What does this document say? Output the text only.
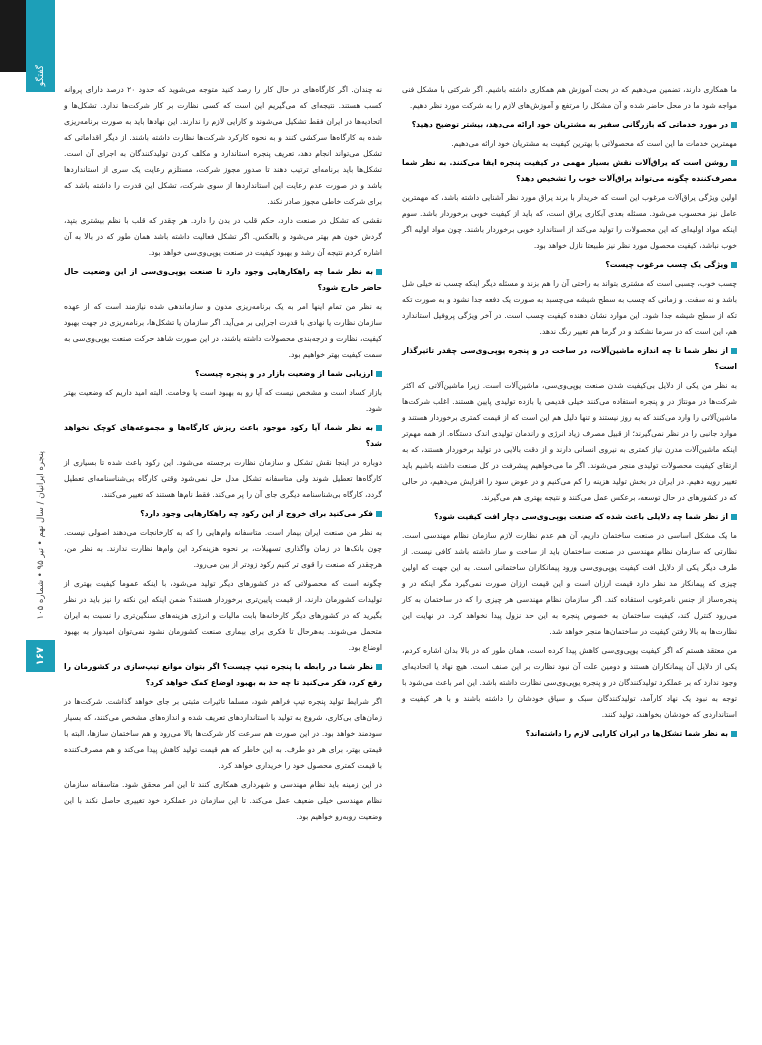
گفتگو
پنجره ایرانیان / سال نهم • تیر ۹۵ • شماره ۱۰۵
۱۶۷

ما همکاری دارند، تضمین می‌دهیم که در بحث آموزش هم همکاری داشته باشیم. اگر شرکتی با مشکل فنی مواجه شود ما در محل حاضر شده و آن مشکل را مرتفع و آموزش‌های لازم را به شرکت مورد نظر دهیم.

در مورد خدماتی که بازرگانی سفیر به مشتریان خود ارائه می‌دهد، بیشتر توضیح دهید؟

مهمترین خدمات ما این است که محصولاتی با بهترین کیفیت به مشتریان خود ارائه می‌دهیم.

روشن است که یراق‌آلات نقش بسیار مهمی در کیفیت پنجره ایفا می‌کنند. به نظر شما مصرف‌کننده چگونه می‌تواند یراق‌آلات خوب را تشخیص دهد؟

اولین ویژگی یراق‌آلات مرغوب این است که خریدار با برند یراق مورد نظر آشنایی داشته باشد، که مهمترین عامل نیز محسوب می‌شود. مسئله بعدی آبکاری یراق است، که باید از کیفیت خوبی برخوردار باشد. سوم اینکه مواد اولیه‌ای که این محصولات را تولید می‌کند از استاندارد خوبی برخوردار باشند. چون مواد اولیه اگر خوب نباشد، کیفیت محصول مورد نظر نیز طبیعتا نازل خواهد بود.

ویژگی یک چسب مرغوب چیست؟

چسب خوب، چسبی است که مشتری بتواند به راحتی آن را هم بزند و مسئله دیگر اینکه چسب نه خیلی شل باشد و نه سفت. و زمانی که چسب به سطح شیشه می‌چسبد به صورت یک دفعه جدا نشود و به صورت تکه تکه از سطح شیشه جدا شود. این موارد نشان دهنده کیفیت چسب است. در آخر ویژگی پروفیل استاندارد هم، این است که در سرما نشکند و در گرما هم تغییر رنگ ندهد.

از نظر شما تا چه اندازه ماشین‌آلات، در ساخت در و پنجره یوپی‌وی‌سی چقدر تاثیرگذار است؟

به نظر من یکی از دلایل بی‌کیفیت شدن صنعت یوپی‌وی‌سی، ماشین‌آلات است. زیرا ماشین‌آلاتی که اکثر شرکت‌ها در مونتاژ در و پنجره استفاده می‌کنند خیلی قدیمی یا بازده تولیدی پایین هستند. اغلب شرکت‌ها ماشین‌آلاتی را وارد می‌کنند که به روز نیستند و تنها دلیل هم این است که از قیمت کمتری برخوردار هستند و موارد جانبی را در نظر نمی‌گیرند؛ از قبیل مصرف زیاد انرژی و راندمان تولیدی اندک دستگاه. از همه مهم‌تر اینکه ماشین‌آلات مدرن نیاز کمتری به نیروی انسانی دارند و از دقت بالایی در تولید برخوردار هستند، که به ارتقای کیفیت محصولات تولیدی منجر می‌شوند. اگر ما می‌خواهیم پیشرفت در کل صنعت داشته باشیم باید تغییر رویه دهیم. در ایران در بخش تولید هزینه را کم می‌کنیم و در عوض سود را افزایش می‌دهیم، در حالی که در کشورهای در حال توسعه، برعکس عمل می‌کنند و نتیجه بهتری هم می‌گیرند.

از نظر شما چه دلایلی باعث شده که صنعت یوپی‌وی‌سی دچار افت کیفیت شود؟

ما یک مشکل اساسی در صنعت ساختمان داریم، آن هم عدم نظارت لازم سازمان نظام مهندسی است. نظارتی که سازمان نظام مهندسی در صنعت ساختمان باید از ساخت و ساز داشته باشد کافی نیست. از طرف دیگر یکی از دلایل افت کیفیت یوپی‌وی‌سی ورود پیمانکاران ساختمانی است. به این جهت که اولین چیزی که پیمانکار مد نظر دارد قیمت ارزان است و این قیمت ارزان صورت نمی‌گیرد مگر اینکه در و پنجره‌ساز از جنس نامرغوب استفاده کند. اگر سازمان نظام مهندسی هر چیزی را که در ساختمان به کار می‌رود کنترل کند، کیفیت ساختمان به خصوص پنجره به این حد نزول پیدا نخواهد کرد. در نهایت این نظارت‌ها به بالا رفتن کیفیت در ساختمان‌ها منجر خواهد شد.

من معتقد هستم که اگر کیفیت یوپی‌وی‌سی کاهش پیدا کرده است، همان طور که در بالا بدان اشاره کردم، یکی از دلایل آن پیمانکاران هستند و دومین علت آن نبود نظارت بر این صنف است. هیچ نهاد یا اتحادیه‌ای وجود ندارد که بر عملکرد تولیدکنندگان در و پنجره یوپی‌وی‌سی نظارت داشته باشد. این امر باعث می‌شود با توجه به نبود یک نهاد کارآمد، تولیدکنندگان سبک و سیاق خودشان را داشته باشند و با هر کیفیت و استانداردی که خودشان بخواهند، تولید کنند.

به نظر شما تشکل‌ها در ایران کارایی لازم را داشته‌اند؟

نه چندان. اگر کارگاه‌های در حال کار را رصد کنید متوجه می‌شوید که حدود ۲۰ درصد دارای پروانه کسب هستند. نتیجه‌ای که می‌گیریم این است که کسی نظارت بر کار شرکت‌ها ندارد. تشکل‌ها و اتحادیه‌ها در ایران فقط تشکیل می‌شوند و کارایی لازم را ندارند. این نهادها باید به صورت برنامه‌ریزی شده به کارگاه‌ها سرکشی کنند و به نحوه کارکرد شرکت‌ها نظارت داشته باشند. از دیگر اقداماتی که تشکل می‌تواند انجام دهد، تعریف پنجره استاندارد و مکلف کردن تولیدکنندگان به اجرای آن است. تشکل‌ها باید برنامه‌ای ترتیب دهند تا صدور مجوز شرکت، مستلزم رعایت یک سری از استانداردها باشد و در صورت عدم رعایت این استانداردها از سوی شرکت، تشکل این قدرت را داشته باشد که برای شرکت خاطی مجوز صادر نکند.

نقشی که تشکل در صنعت دارد، حکم قلب در بدن را دارد. هر چقدر که قلب با نظم بیشتری بتپد، گردش خون هم بهتر می‌شود و بالعکس. اگر تشکل فعالیت داشته باشد همان طور که در بالا به آن اشاره کردم نتیجه آن رشد و بهبود کیفیت در صنعت یوپی‌وی‌سی خواهد بود.

به نظر شما چه راهکارهایی وجود دارد تا صنعت یوپی‌وی‌سی از این وضعیت حال حاضر خارج شود؟

به نظر من تمام اینها امر به یک برنامه‌ریزی مدون و سازماندهی شده نیازمند است که از عهده سازمان نظارت یا نهادی با قدرت اجرایی بر می‌آید. اگر سازمان یا تشکل‌ها، برنامه‌ریزی در جهت بهبود کیفیت، نظارت و درجه‌بندی محصولات داشته باشند، در این صورت شاهد حرکت صنعت یوپی‌وی‌سی به سمت کیفیت بهتر خواهیم بود.

ارزیابی شما از وضعیت بازار در و پنجره چیست؟

بازار کساد است و مشخص نیست که آیا رو به بهبود است یا وخامت. البته امید داریم که وضعیت بهتر شود.

به نظر شما، آیا رکود موجود باعث ریزش کارگاه‌ها و مجموعه‌های کوچک نخواهد شد؟

دوباره در اینجا نقش تشکل و سازمان نظارت برجسته می‌شود. این رکود باعث شده تا بسیاری از کارگاه‌ها تعطیل شوند ولی متاسفانه تشکل مدل حل نمی‌شود وقتی کارگاه بی‌شناسنامه‌ای تعطیل گردد، کارگاه بی‌شناسنامه دیگری جای آن را پر می‌کند. فقط نام‌ها هستند که تغییر می‌کنند.

فکر می‌کنید برای خروج از این رکود چه راهکارهایی وجود دارد؟

به نظر من صنعت ایران بیمار است. متاسفانه وام‌هایی را که به کارخانجات می‌دهند اصولی نیست. چون بانک‌ها در زمان واگذاری تسهیلات، بر نحوه هزینه‌کرد این وام‌ها نظارت ندارند. به نظر من، هرچقدر که صنعت را قوی تر کنیم رکود زودتر از بین می‌رود.

چگونه است که محصولاتی که در کشورهای دیگر تولید می‌شود، با اینکه عموما کیفیت بهتری از تولیدات کشورمان دارند، از قیمت پایین‌تری برخوردار هستند؟ ضمن اینکه این نکته را نیز باید در نظر بگیرید که در کشورهای دیگر کارخانه‌ها بابت مالیات و انرژی هزینه‌های سنگین‌تری را نسبت به ایران متحمل می‌شوند. به‌هرحال تا فکری برای بیماری صنعت کشورمان نشود نمی‌توان امیدوار به بهبود اوضاع بود.

نظر شما در رابطه با پنجره تیپ چیست؟ اگر بتوان موانع تیپ‌سازی در کشورمان را رفع کرد، فکر می‌کنید تا چه حد به بهبود اوضاع کمک خواهد کرد؟

اگر شرایط تولید پنجره تیپ فراهم شود، مسلما تاثیرات مثبتی بر جای خواهد گذاشت. شرکت‌ها در زمان‌های بی‌کاری، شروع به تولید با استانداردهای تعریف شده و اندازه‌های مشخص می‌کنند، که بسیار سودمند خواهد بود. در این صورت هم سرعت کار شرکت‌ها بالا می‌رود و هم ساختمان سازها، البته با قیمتی بهتر، برای هر دو طرف. به این خاطر که هم قیمت تولید کاهش پیدا می‌کند و هم مصرف‌کننده با قیمت کمتری محصول خود را خریداری خواهد کرد.

در این زمینه باید نظام مهندسی و شهرداری همکاری کنند تا این امر محقق شود. متاسفانه سازمان نظام مهندسی خیلی ضعیف عمل می‌کند. تا این سازمان در عملکرد خود تغییری حاصل نکند با این وضعیت روبه‌رو خواهیم بود.
